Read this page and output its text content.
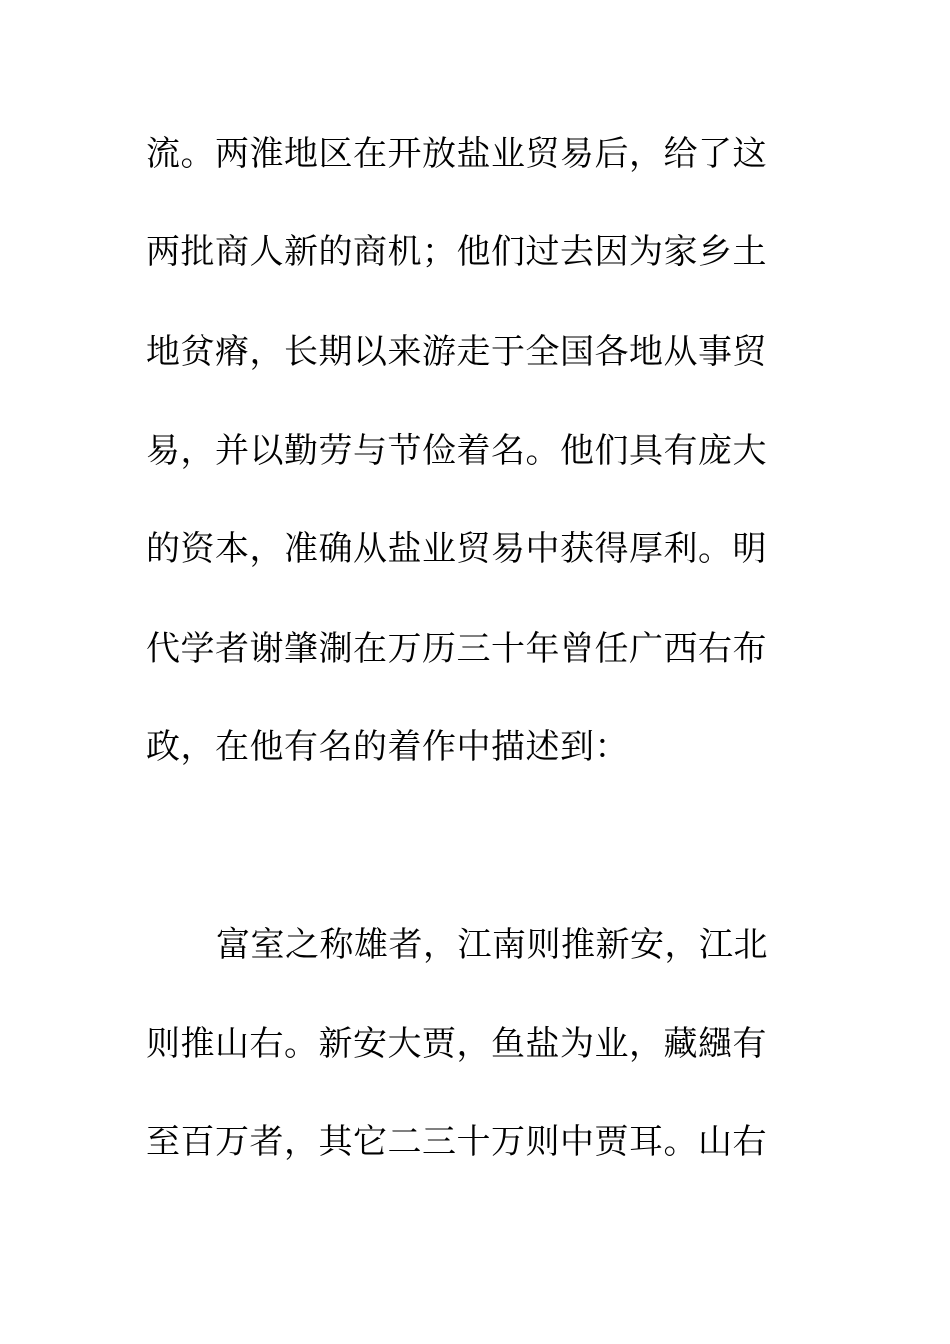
流。两淮地区在开放盐业贸易后，给了这
两批商人新的商机；他们过去因为家乡土
地贫瘠，长期以来游走于全国各地从事贸
易，并以勤劳与节俭着名。他们具有庞大
的资本，准确从盐业贸易中获得厚利。明
代学者谢肇淛在万历三十年曾任广西右布
政，在他有名的着作中描述到：
富室之称雄者，江南则推新安，江北
则推山右。新安大贾，鱼盐为业，藏繦有
至百万者，其它二三十万则中贾耳。山右
